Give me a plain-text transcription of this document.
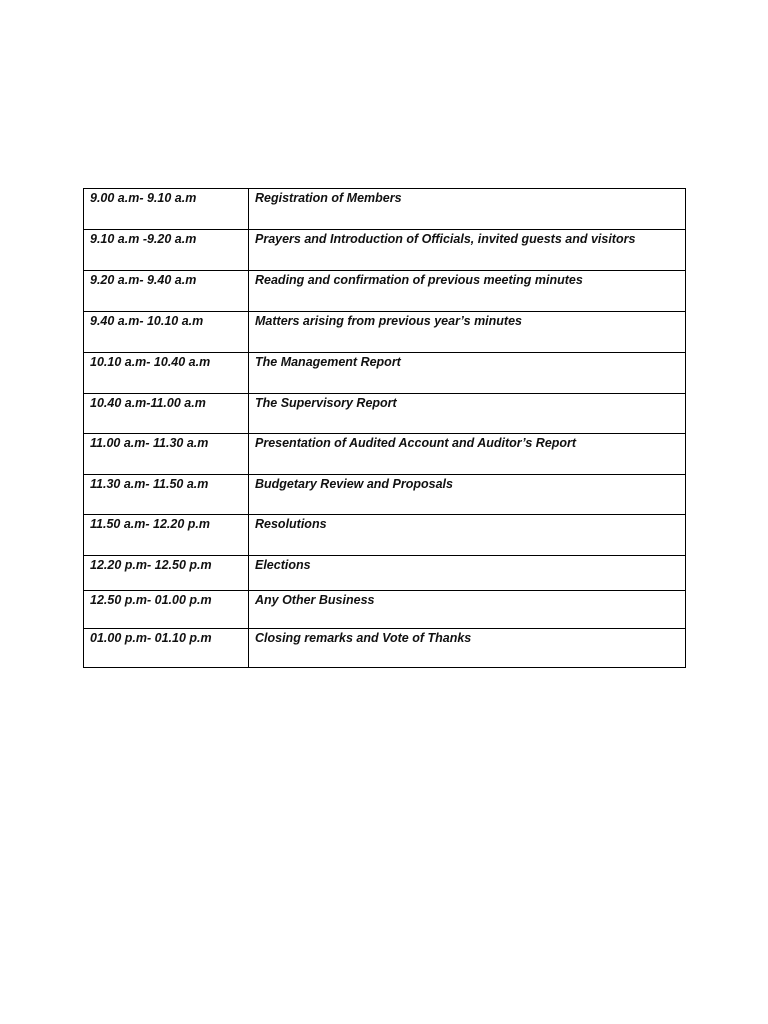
9.00 a.m- 9.10 a.m	Registration of Members
9.10 a.m -9.20 a.m	Prayers and Introduction of Officials, invited guests and visitors
9.20 a.m- 9.40 a.m	Reading and confirmation of previous meeting minutes
9.40 a.m- 10.10 a.m	Matters arising from previous year’s minutes
10.10 a.m- 10.40 a.m	The Management Report
10.40 a.m-11.00 a.m	The Supervisory Report
11.00 a.m- 11.30 a.m	Presentation of Audited Account and Auditor’s Report
11.30 a.m- 11.50 a.m	Budgetary Review and Proposals
11.50 a.m- 12.20 p.m	Resolutions
12.20 p.m- 12.50 p.m	Elections
12.50 p.m- 01.00 p.m	Any Other Business
01.00 p.m- 01.10 p.m	Closing remarks and Vote of Thanks
